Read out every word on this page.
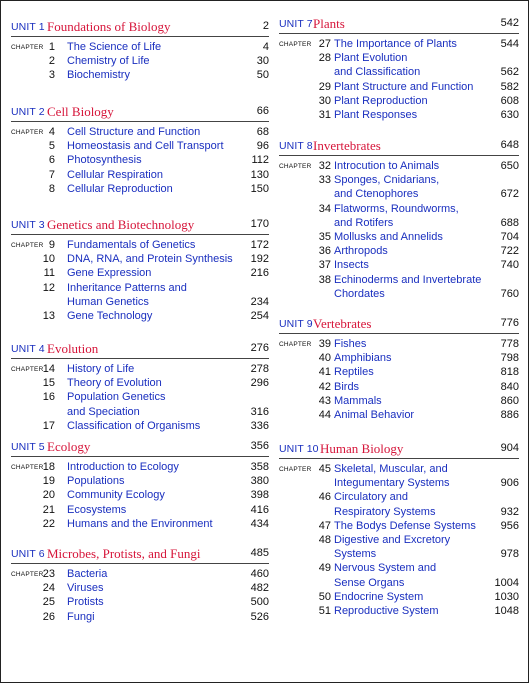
UNIT 1 Foundations of Biology	2
CHAPTER 1 The Science of Life	4
2 Chemistry of Life	30
3 Biochemistry	50
UNIT 2 Cell Biology	66
CHAPTER 4 Cell Structure and Function	68
5 Homeostasis and Cell Transport	96
6 Photosynthesis	112
7 Cellular Respiration	130
8 Cellular Reproduction	150
UNIT 3 Genetics and Biotechnology	170
CHAPTER 9 Fundamentals of Genetics	172
10 DNA, RNA, and Protein Synthesis 192
11 Gene Expression	216
12 Inheritance Patterns and
Human Genetics	234
13 Gene Technology	254
UNIT 4 Evolution	276
CHAPTER 14 History of Life	278
15 Theory of Evolution	296
16 Population Genetics
and Speciation	316
17 Classification of Organisms	336
UNIT 5 Ecology	356
CHAPTER 18 Introduction to Ecology	358
19 Populations	380
20 Community Ecology	398
21 Ecosystems	416
22 Humans and the Environment	434
UNIT 6 Microbes, Protists, and Fungi	485
CHAPTER 23 Bacteria	460
24 Viruses	482
25 Protists	500
26 Fungi	526
UNIT 7 Plants	542
CHAPTER 27 The Importance of Plants	544
28 Plant Evolution
and Classification	562
29 Plant Structure and Function 582
30 Plant Reproduction	608
31 Plant Responses	630
UNIT 8 Invertebrates	648
CHAPTER 32 Introcution to Animals	650
33 Sponges, Cnidarians,
and Ctenophores	672
34 Flatworms, Roundworms,
and Rotifers	688
35 Mollusks and Annelids	704
36 Arthropods	722
37 Insects	740
38 Echinoderms and Invertebrate
Chordates	760
UNIT 9 Vertebrates	776
CHAPTER 39 Fishes	778
40 Amphibians	798
41 Reptiles	818
42 Birds	840
43 Mammals	860
44 Animal Behavior	886
UNIT 10 Human Biology	904
CHAPTER 45 Skeletal, Muscular, and
Integumentary Systems	906
46 Circulatory and
Respiratory Systems	932
47 The Bodys Defense Systems 956
48 Digestive and Excretory
Systems	978
49 Nervous System and
Sense Organs	1004
50 Endocrine System	1030
51 Reproductive System	1048
